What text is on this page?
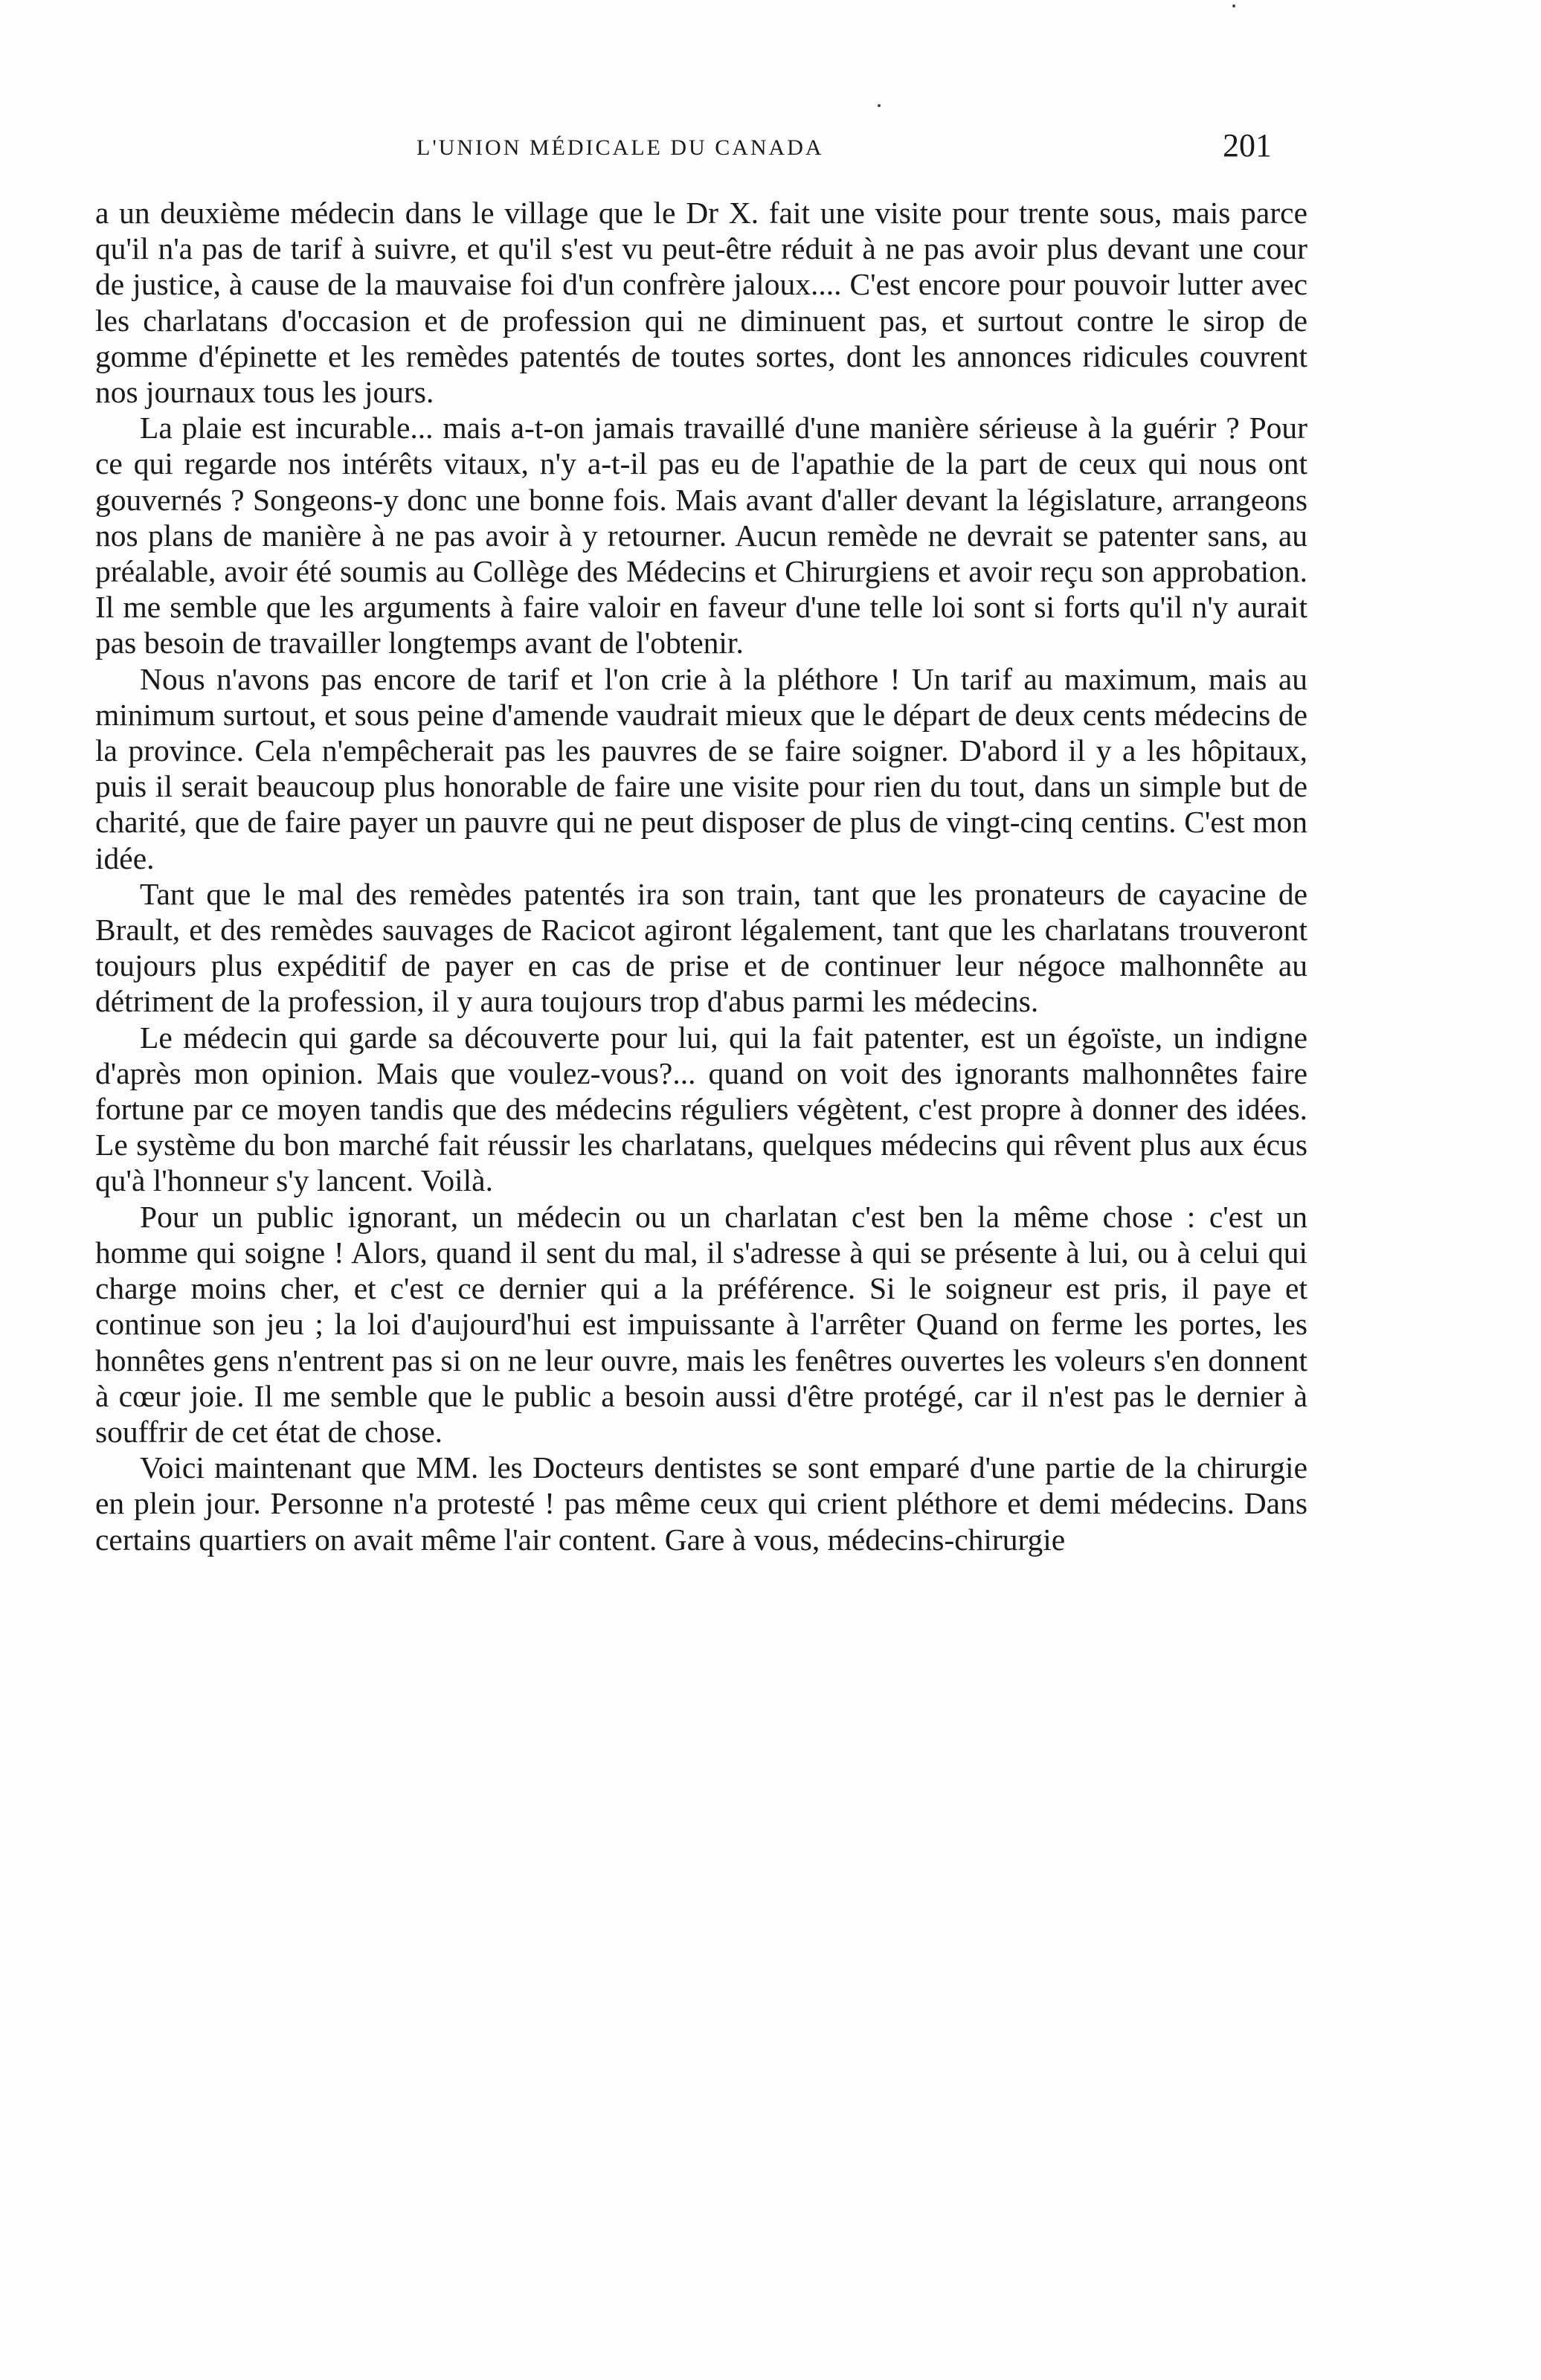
L'UNION MÉDICALE DU CANADA	201

a un deuxième médecin dans le village que le Dr X. fait une visite pour trente sous, mais parce qu'il n'a pas de tarif à suivre, et qu'il s'est vu peut-être réduit à ne pas avoir plus devant une cour de justice, à cause de la mauvaise foi d'un confrère jaloux.... C'est encore pour pouvoir lutter avec les charlatans d'occasion et de profession qui ne diminuent pas, et surtout contre le sirop de gomme d'épinette et les remèdes patentés de toutes sortes, dont les annonces ridicules couvrent nos journaux tous les jours.

La plaie est incurable... mais a-t-on jamais travaillé d'une manière sérieuse à la guérir ? Pour ce qui regarde nos intérêts vitaux, n'y a-t-il pas eu de l'apathie de la part de ceux qui nous ont gouvernés ? Songeons-y donc une bonne fois. Mais avant d'aller devant la législature, arrangeons nos plans de manière à ne pas avoir à y retourner. Aucun remède ne devrait se patenter sans, au préalable, avoir été soumis au Collège des Médecins et Chirurgiens et avoir reçu son approbation. Il me semble que les arguments à faire valoir en faveur d'une telle loi sont si forts qu'il n'y aurait pas besoin de travailler longtemps avant de l'obtenir.

Nous n'avons pas encore de tarif et l'on crie à la pléthore ! Un tarif au maximum, mais au minimum surtout, et sous peine d'amende vaudrait mieux que le départ de deux cents médecins de la province. Cela n'empêcherait pas les pauvres de se faire soigner. D'abord il y a les hôpitaux, puis il serait beaucoup plus honorable de faire une visite pour rien du tout, dans un simple but de charité, que de faire payer un pauvre qui ne peut disposer de plus de vingt-cinq centins. C'est mon idée.

Tant que le mal des remèdes patentés ira son train, tant que les pronateurs de cayacine de Brault, et des remèdes sauvages de Racicot agiront légalement, tant que les charlatans trouveront toujours plus expéditif de payer en cas de prise et de continuer leur négoce malhonnête au détriment de la profession, il y aura toujours trop d'abus parmi les médecins.

Le médecin qui garde sa découverte pour lui, qui la fait patenter, est un égoïste, un indigne d'après mon opinion. Mais que voulez-vous?... quand on voit des ignorants malhonnêtes faire fortune par ce moyen tandis que des médecins réguliers végètent, c'est propre à donner des idées. Le système du bon marché fait réussir les charlatans, quelques médecins qui rêvent plus aux écus qu'à l'honneur s'y lancent. Voilà.

Pour un public ignorant, un médecin ou un charlatan c'est ben la même chose : c'est un homme qui soigne ! Alors, quand il sent du mal, il s'adresse à qui se présente à lui, ou à celui qui charge moins cher, et c'est ce dernier qui a la préférence. Si le soigneur est pris, il paye et continue son jeu ; la loi d'aujourd'hui est impuissante à l'arrêter Quand on ferme les portes, les honnêtes gens n'entrent pas si on ne leur ouvre, mais les fenêtres ouvertes les voleurs s'en donnent à cœur joie. Il me semble que le public a besoin aussi d'être protégé, car il n'est pas le dernier à souffrir de cet état de chose.

Voici maintenant que MM. les Docteurs dentistes se sont emparé d'une partie de la chirurgie en plein jour. Personne n'a protesté ! pas même ceux qui crient pléthore et demi médecins. Dans certains quartiers on avait même l'air content. Gare à vous, médecins-chirurgie
